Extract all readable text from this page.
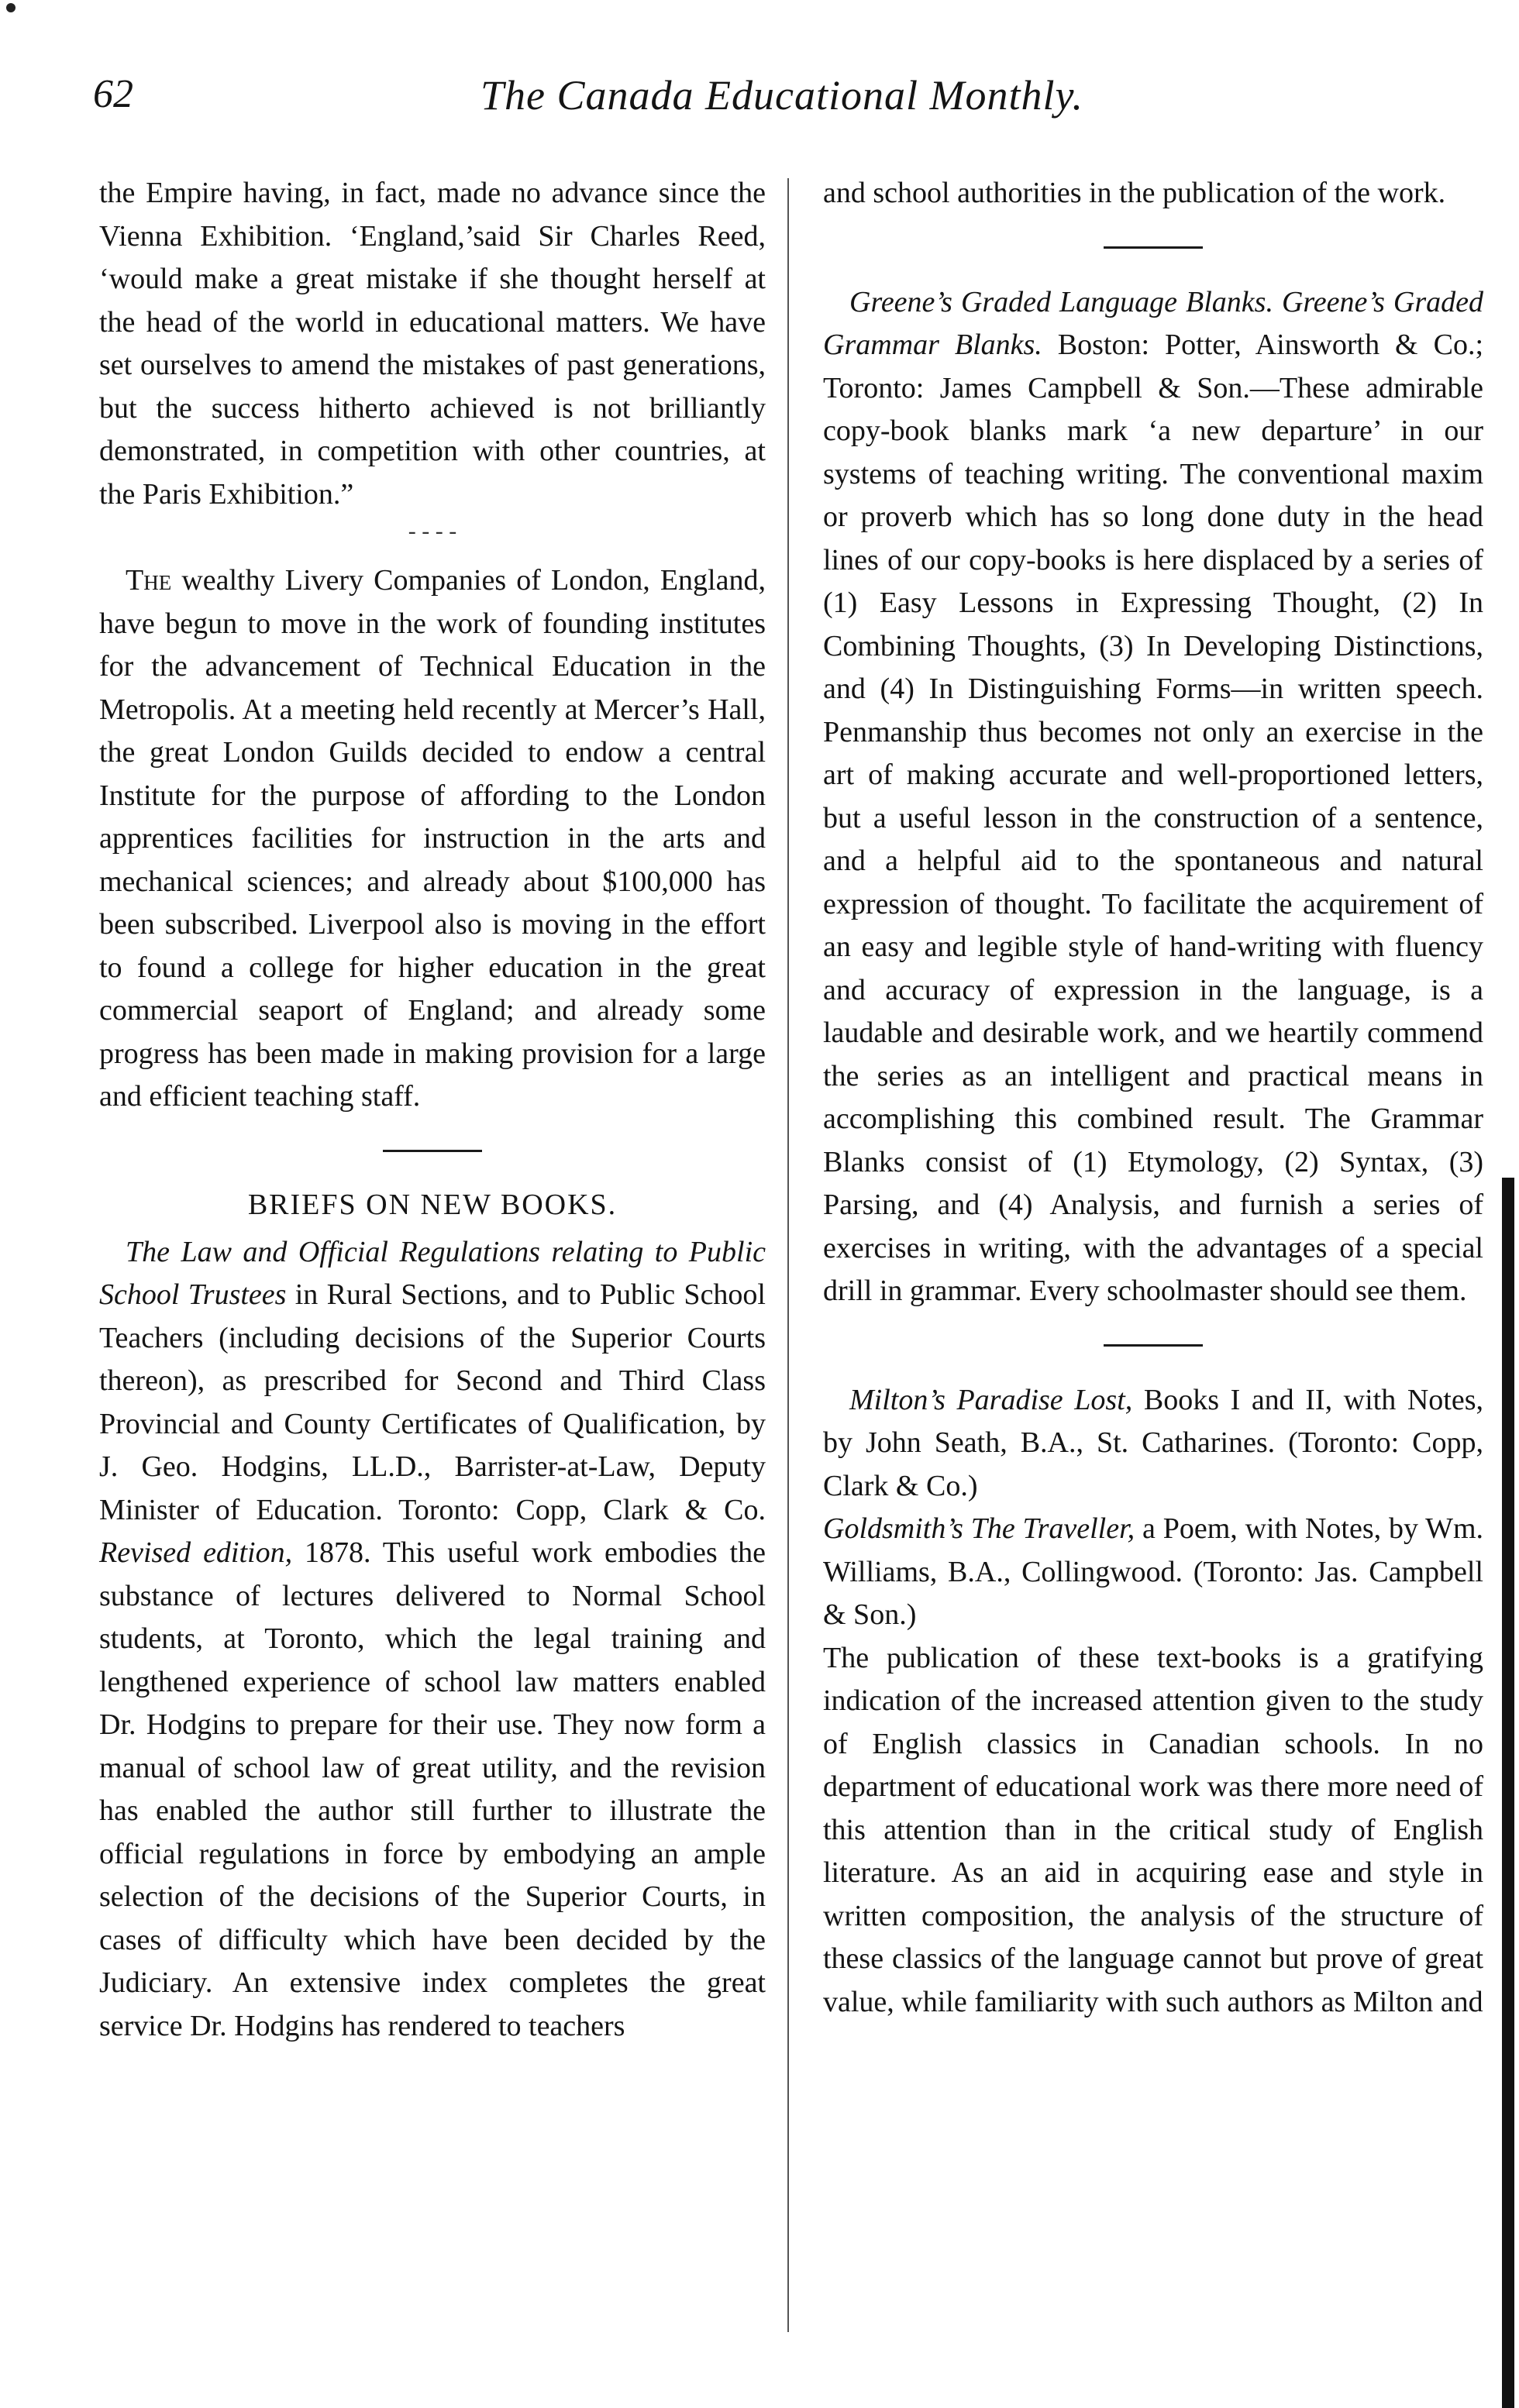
62	The Canada Educational Monthly.

the Empire having, in fact, made no advance since the Vienna Exhibition. ‘England,’said Sir Charles Reed, ‘would make a great mistake if she thought herself at the head of the world in educational matters. We have set ourselves to amend the mistakes of past generations, but the success hitherto achieved is not brilliantly demonstrated, in competition with other countries, at the Paris Exhibition.”

- - - -

The wealthy Livery Companies of London, England, have begun to move in the work of founding institutes for the advancement of Technical Education in the Metropolis. At a meeting held recently at Mercer’s Hall, the great London Guilds decided to endow a central Institute for the purpose of affording to the London apprentices facilities for instruction in the arts and mechanical sciences; and already about $100,000 has been subscribed. Liverpool also is moving in the effort to found a college for higher education in the great commercial seaport of England; and already some progress has been made in making provision for a large and efficient teaching staff.

BRIEFS ON NEW BOOKS.

The Law and Official Regulations relating to Public School Trustees in Rural Sections, and to Public School Teachers (including decisions of the Superior Courts thereon), as prescribed for Second and Third Class Provincial and County Certificates of Qualification, by J. Geo. Hodgins, LL.D., Barrister-at-Law, Deputy Minister of Education. Toronto: Copp, Clark & Co. Revised edition, 1878. This useful work embodies the substance of lectures delivered to Normal School students, at Toronto, which the legal training and lengthened experience of school law matters enabled Dr. Hodgins to prepare for their use. They now form a manual of school law of great utility, and the revision has enabled the author still further to illustrate the official regulations in force by embodying an ample selection of the decisions of the Superior Courts, in cases of difficulty which have been decided by the Judiciary. An extensive index completes the great service Dr. Hodgins has rendered to teachers

and school authorities in the publication of the work.

Greene’s Graded Language Blanks. Greene’s Graded Grammar Blanks. Boston: Potter, Ainsworth & Co.; Toronto: James Campbell & Son.—These admirable copy-book blanks mark ‘a new departure’ in our systems of teaching writing. The conventional maxim or proverb which has so long done duty in the head lines of our copy-books is here displaced by a series of (1) Easy Lessons in Expressing Thought, (2) In Combining Thoughts, (3) In Developing Distinctions, and (4) In Distinguishing Forms—in written speech. Penmanship thus becomes not only an exercise in the art of making accurate and well-proportioned letters, but a useful lesson in the construction of a sentence, and a helpful aid to the spontaneous and natural expression of thought. To facilitate the acquirement of an easy and legible style of hand-writing with fluency and accuracy of expression in the language, is a laudable and desirable work, and we heartily commend the series as an intelligent and practical means in accomplishing this combined result. The Grammar Blanks consist of (1) Etymology, (2) Syntax, (3) Parsing, and (4) Analysis, and furnish a series of exercises in writing, with the advantages of a special drill in grammar. Every schoolmaster should see them.

Milton’s Paradise Lost, Books I and II, with Notes, by John Seath, B.A., St. Catharines. (Toronto: Copp, Clark & Co.)

Goldsmith’s The Traveller, a Poem, with Notes, by Wm. Williams, B.A., Collingwood. (Toronto: Jas. Campbell & Son.)

The publication of these text-books is a gratifying indication of the increased attention given to the study of English classics in Canadian schools. In no department of educational work was there more need of this attention than in the critical study of English literature. As an aid in acquiring ease and style in written composition, the analysis of the structure of these classics of the language cannot but prove of great value, while familiarity with such authors as Milton and
